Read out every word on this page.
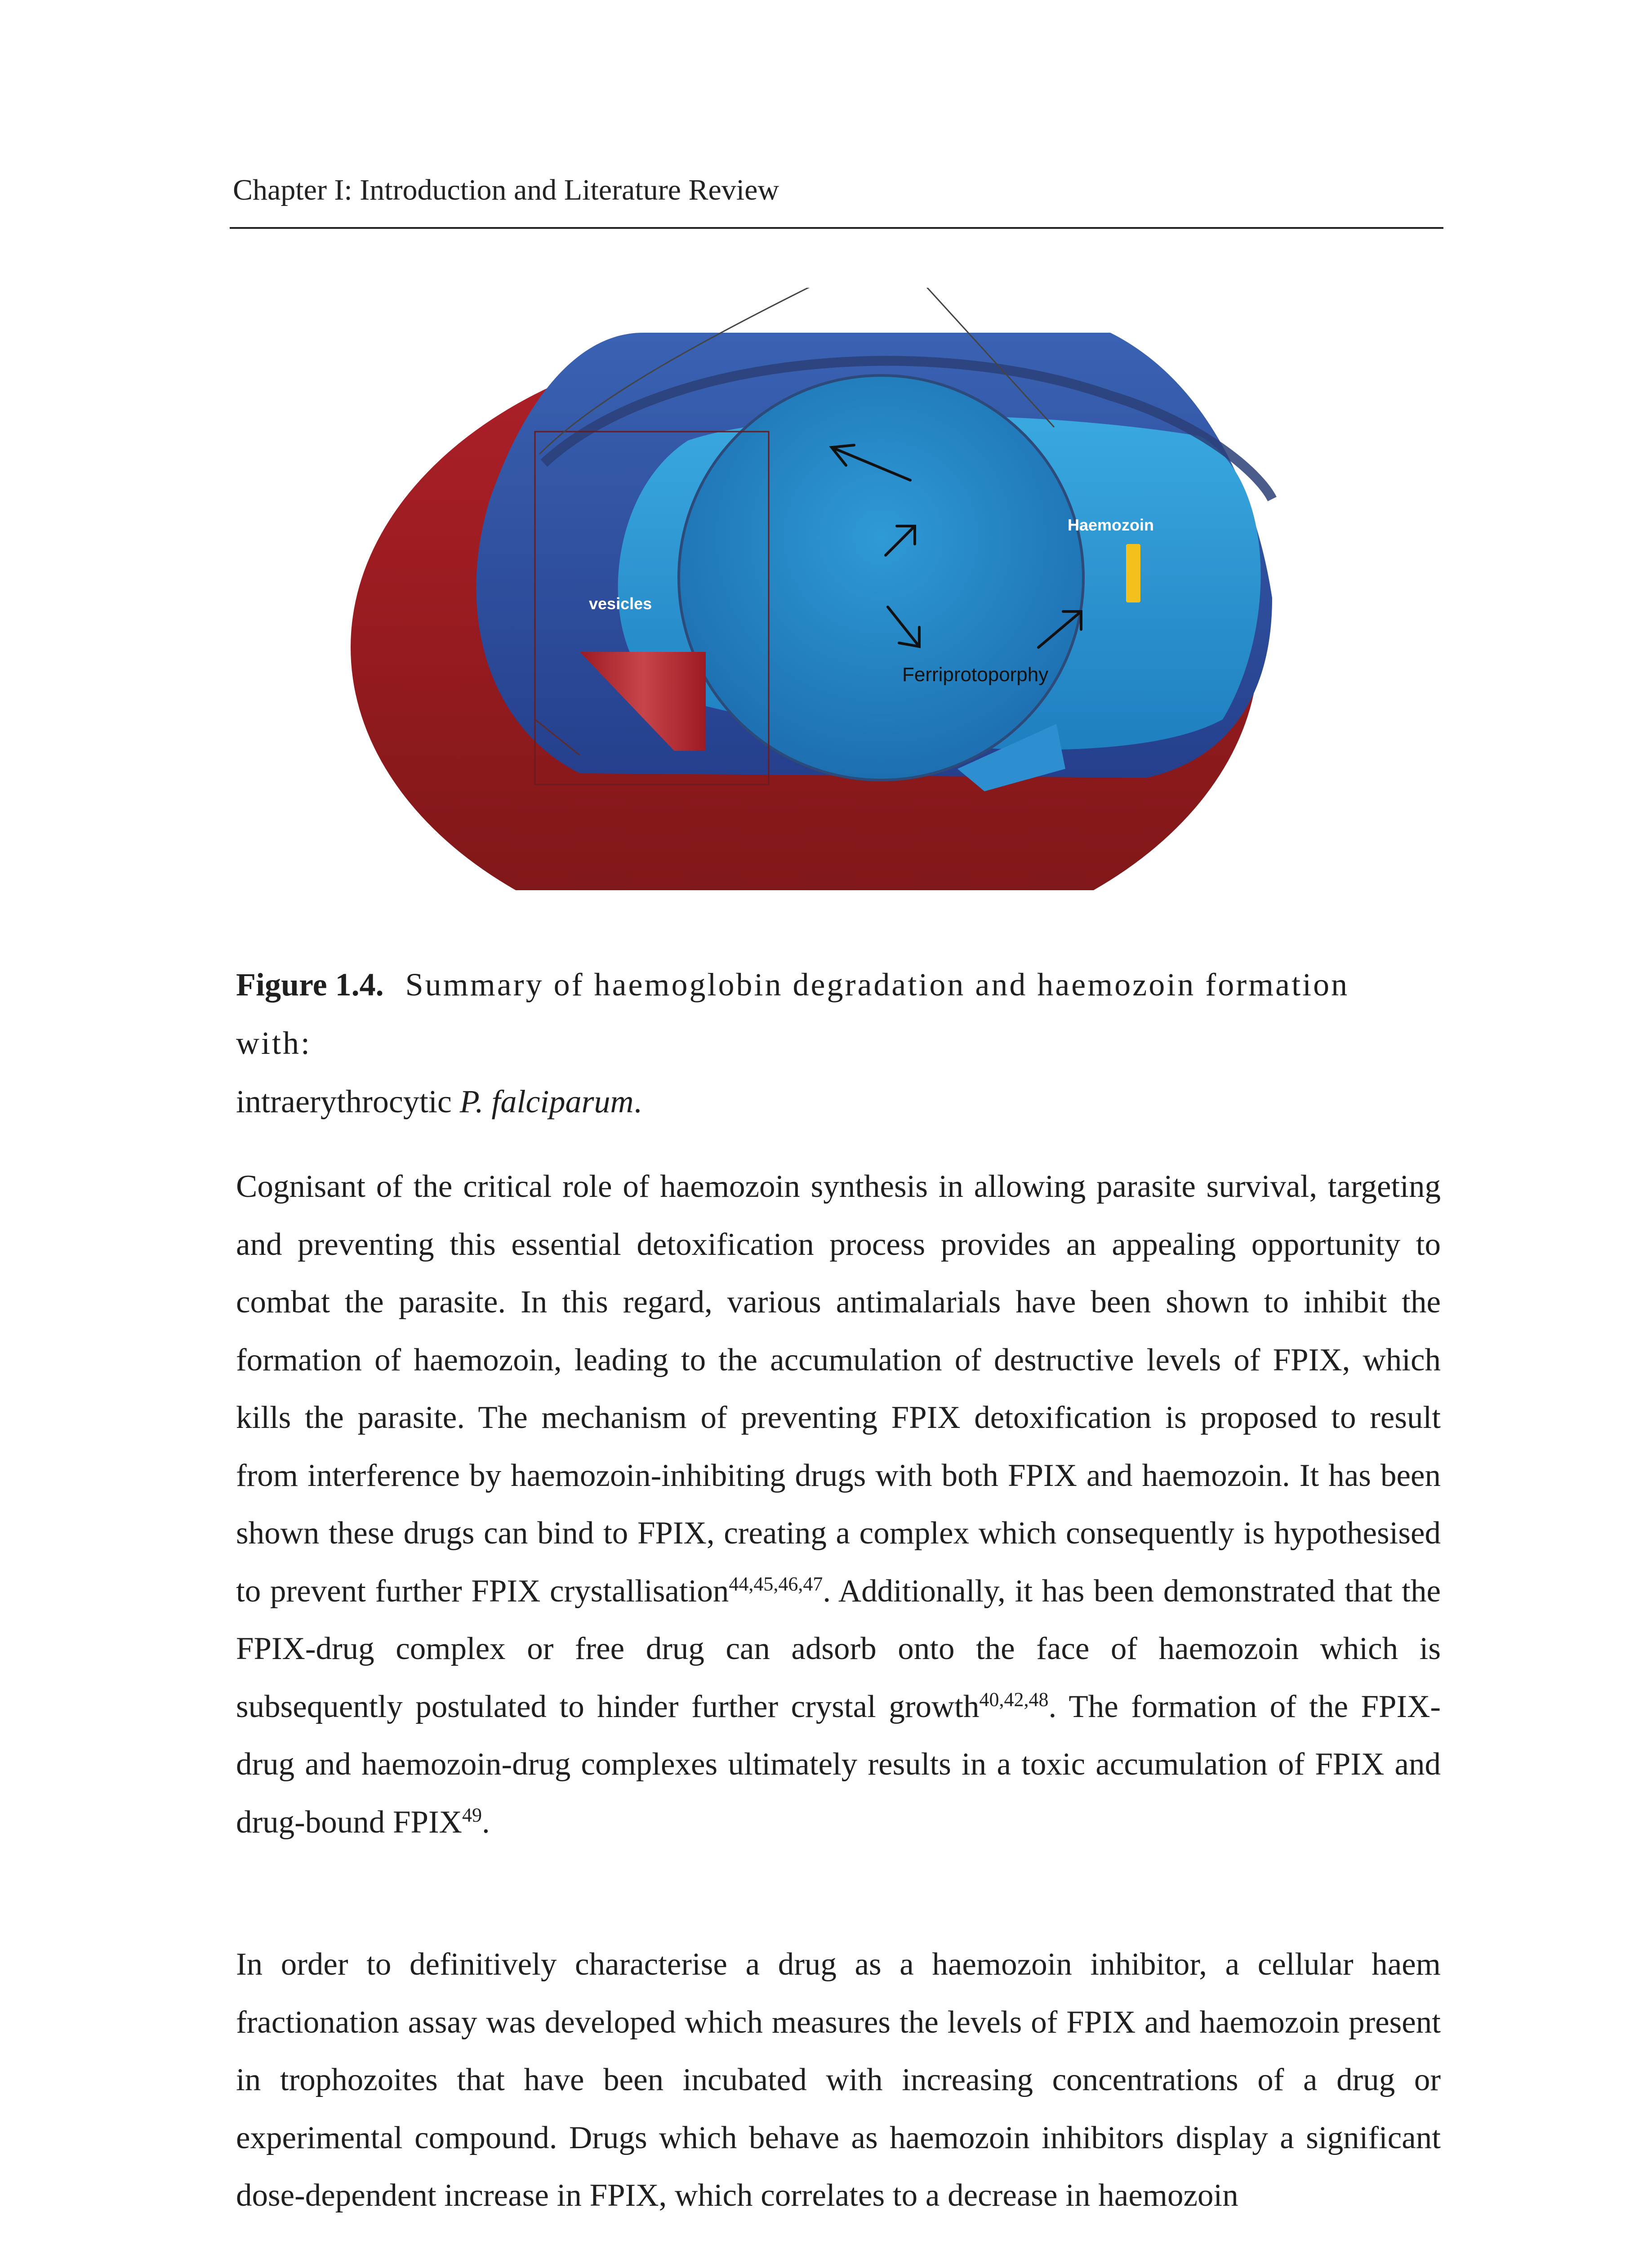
Chapter I: Introduction and Literature Review
vesicles
Haemozoin
Ferriprotoporphy
Figure 1.4. Summary of haemoglobin degradation and haemozoin formation with:
intraerythrocytic P. falciparum.
Cognisant of the critical role of haemozoin synthesis in allowing parasite survival, targeting and preventing this essential detoxification process provides an appealing opportunity to combat the parasite. In this regard, various antimalarials have been shown to inhibit the formation of haemozoin, leading to the accumulation of destructive levels of FPIX, which kills the parasite. The mechanism of preventing FPIX detoxification is proposed to result from interference by haemozoin-inhibiting drugs with both FPIX and haemozoin. It has been shown these drugs can bind to FPIX, creating a complex which consequently is hypothesised to prevent further FPIX crystallisation$^{44,45,46,47}$. Additionally, it has been demonstrated that the FPIX-drug complex or free drug can adsorb onto the face of haemozoin which is subsequently postulated to hinder further crystal growth$^{40,42,48}$. The formation of the FPIX-drug and haemozoin-drug complexes ultimately results in a toxic accumulation of FPIX and drug-bound FPIX$^{49}$.
In order to definitively characterise a drug as a haemozoin inhibitor, a cellular haem fractionation assay was developed which measures the levels of FPIX and haemozoin present in trophozoites that have been incubated with increasing concentrations of a drug or experimental compound. Drugs which behave as haemozoin inhibitors display a significant dose-dependent increase in FPIX, which correlates to a decrease in haemozoin
